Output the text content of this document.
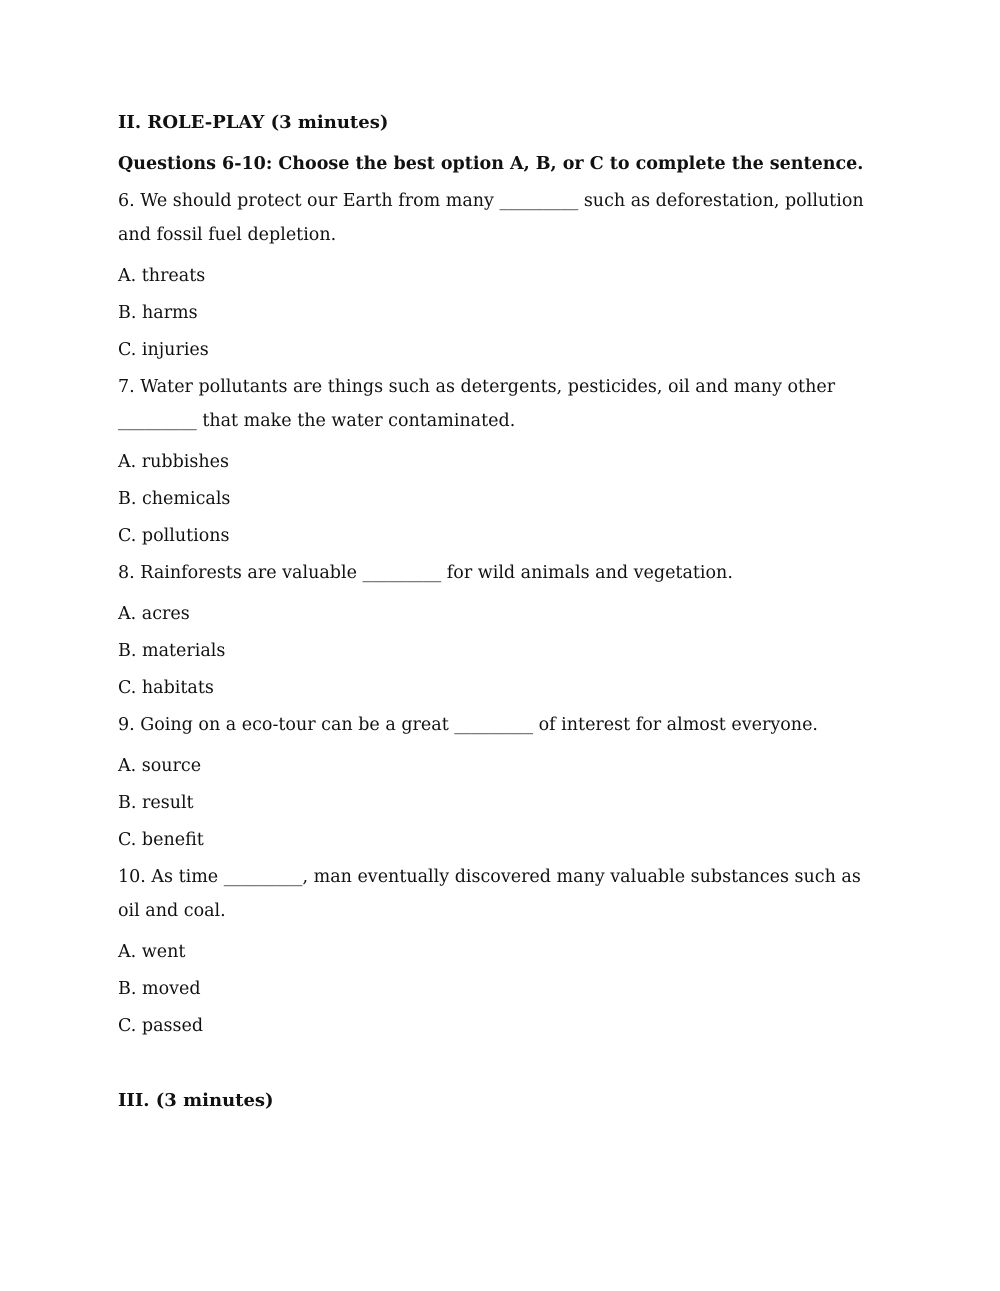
II. ROLE-PLAY (3 minutes)

Questions 6-10: Choose the best option A, B, or C to complete the sentence.

6. We should protect our Earth from many _________ such as deforestation, pollution and fossil fuel depletion.

A. threats

B. harms

C. injuries

7. Water pollutants are things such as detergents, pesticides, oil and many other _________ that make the water contaminated.

A. rubbishes

B. chemicals

C. pollutions

8. Rainforests are valuable _________ for wild animals and vegetation.

A. acres

B. materials

C. habitats

9. Going on a eco-tour can be a great _________ of interest for almost everyone.

A. source

B. result

C. benefit

10. As time _________, man eventually discovered many valuable substances such as oil and coal.

A. went

B. moved

C. passed

III. (3 minutes)
